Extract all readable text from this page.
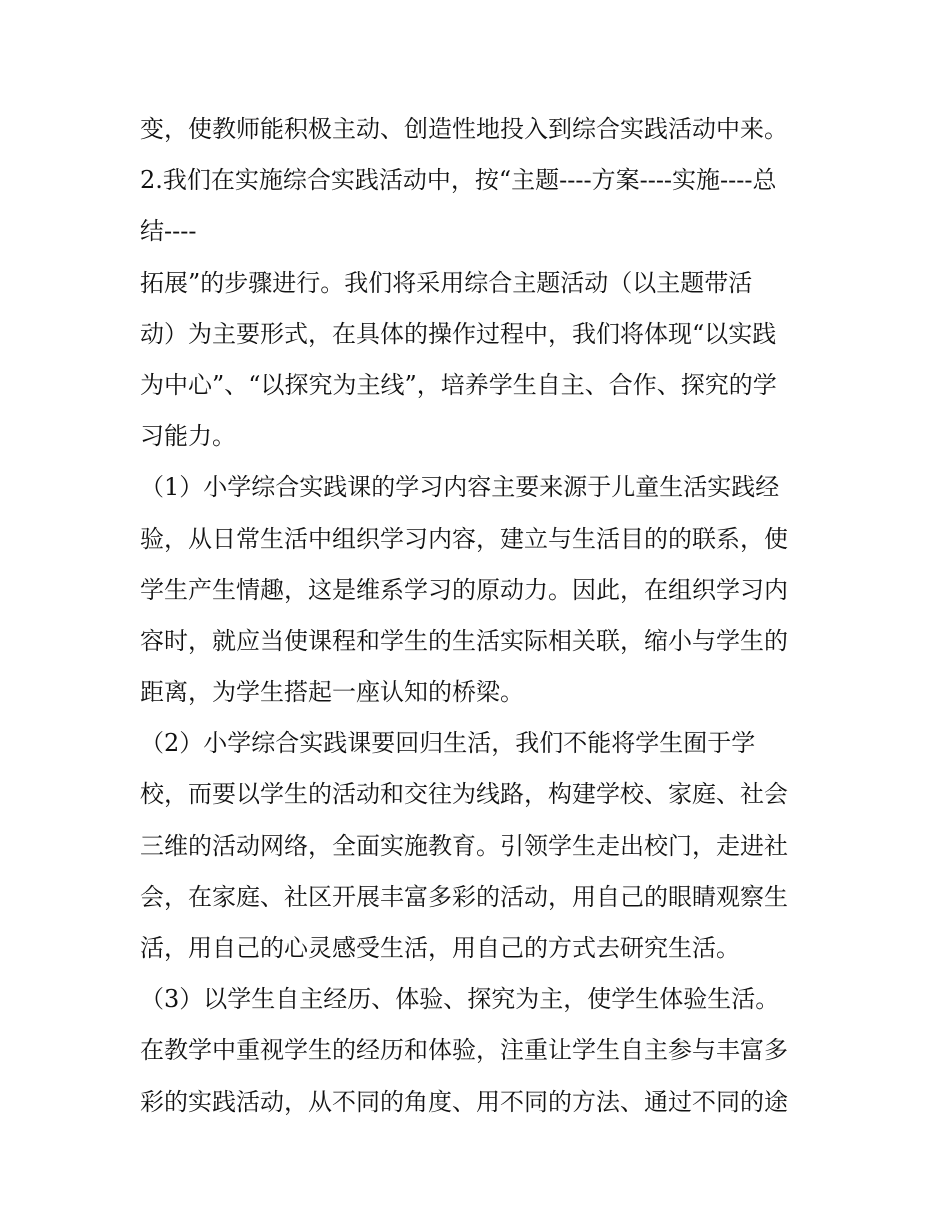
变，使教师能积极主动、创造性地投入到综合实践活动中来。
2.我们在实施综合实践活动中，按“主题----方案----实施----总
结----
拓展”的步骤进行。我们将采用综合主题活动（以主题带活
动）为主要形式，在具体的操作过程中，我们将体现“以实践
为中心”、“以探究为主线”，培养学生自主、合作、探究的学
习能力。
（1）小学综合实践课的学习内容主要来源于儿童生活实践经
验，从日常生活中组织学习内容，建立与生活目的的联系，使
学生产生情趣，这是维系学习的原动力。因此，在组织学习内
容时，就应当使课程和学生的生活实际相关联，缩小与学生的
距离，为学生搭起一座认知的桥梁。
（2）小学综合实践课要回归生活，我们不能将学生囿于学
校，而要以学生的活动和交往为线路，构建学校、家庭、社会
三维的活动网络，全面实施教育。引领学生走出校门，走进社
会，在家庭、社区开展丰富多彩的活动，用自己的眼睛观察生
活，用自己的心灵感受生活，用自己的方式去研究生活。
（3）以学生自主经历、体验、探究为主，使学生体验生活。
在教学中重视学生的经历和体验，注重让学生自主参与丰富多
彩的实践活动，从不同的角度、用不同的方法、通过不同的途
